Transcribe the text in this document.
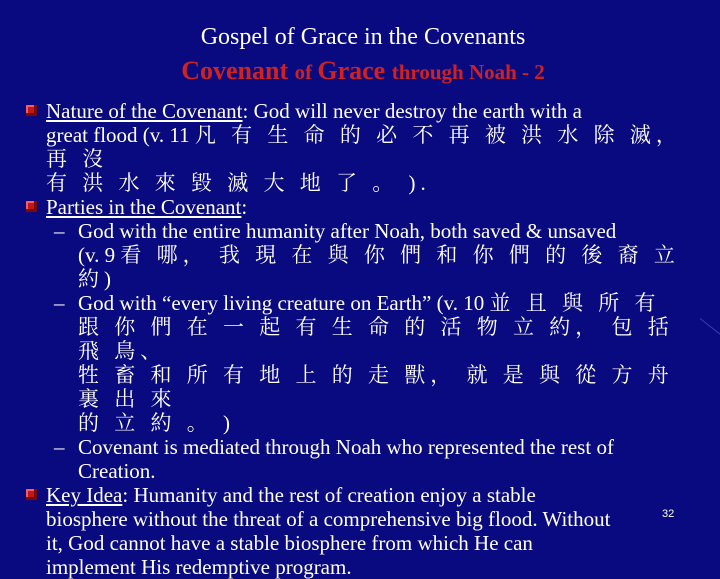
Gospel of Grace in the Covenants
Covenant of Grace through Noah - 2
Nature of the Covenant: God will never destroy the earth with a
great flood (v. 11 凡 有 生 命 的 必 不 再 被 洪 水 除 滅， 再 沒
有 洪 水 來 毀 滅 大 地 了 。 ).
Parties in the Covenant:
– God with the entire humanity after Noah, both saved & unsaved
(v. 9 看 哪， 我 現 在 與 你 們 和 你 們 的 後 裔 立 約)
– God with “every living creature on Earth” (v. 10 並 且 與 所 有
跟 你 們 在 一 起 有 生 命 的 活 物 立 約， 包 括 飛 鳥、
牲 畜 和 所 有 地 上 的 走 獸， 就 是 與 從 方 舟 裏 出 來
的 立 約 。 )
– Covenant is mediated through Noah who represented the rest of
Creation.
Key Idea: Humanity and the rest of creation enjoy a stable
biosphere without the threat of a comprehensive big flood. Without
it, God cannot have a stable biosphere from which He can
implement His redemptive program.
32
